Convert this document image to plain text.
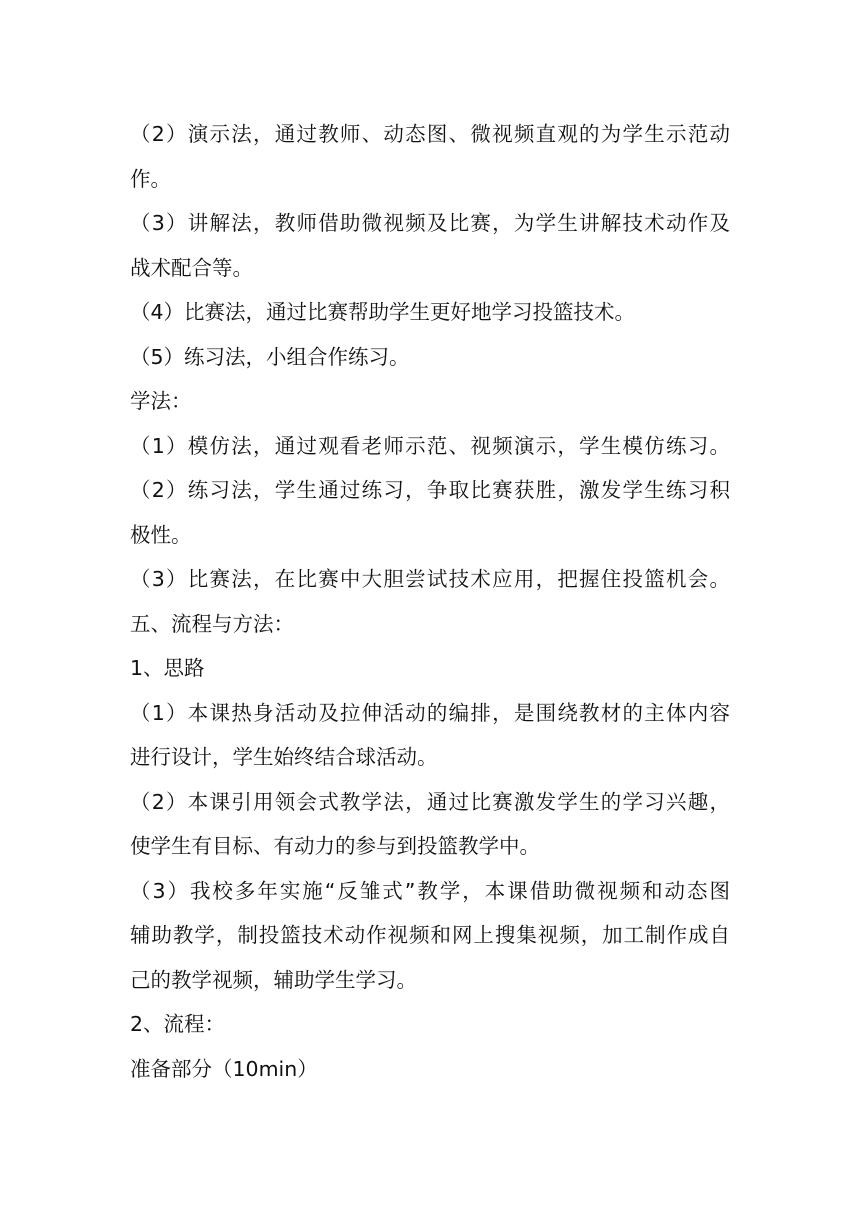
（2）演示法，通过教师、动态图、微视频直观的为学生示范动
作。
（3）讲解法，教师借助微视频及比赛，为学生讲解技术动作及
战术配合等。
（4）比赛法，通过比赛帮助学生更好地学习投篮技术。
（5）练习法，小组合作练习。
学法：
（1）模仿法，通过观看老师示范、视频演示，学生模仿练习。
（2）练习法，学生通过练习，争取比赛获胜，激发学生练习积
极性。
（3）比赛法，在比赛中大胆尝试技术应用，把握住投篮机会。
五、流程与方法：
1、思路
（1）本课热身活动及拉伸活动的编排，是围绕教材的主体内容
进行设计，学生始终结合球活动。
（2）本课引用领会式教学法，通过比赛激发学生的学习兴趣，
使学生有目标、有动力的参与到投篮教学中。
（3）我校多年实施“反雏式”教学，本课借助微视频和动态图
辅助教学，制投篮技术动作视频和网上搜集视频，加工制作成自
己的教学视频，辅助学生学习。
2、流程：
准备部分（10min）
